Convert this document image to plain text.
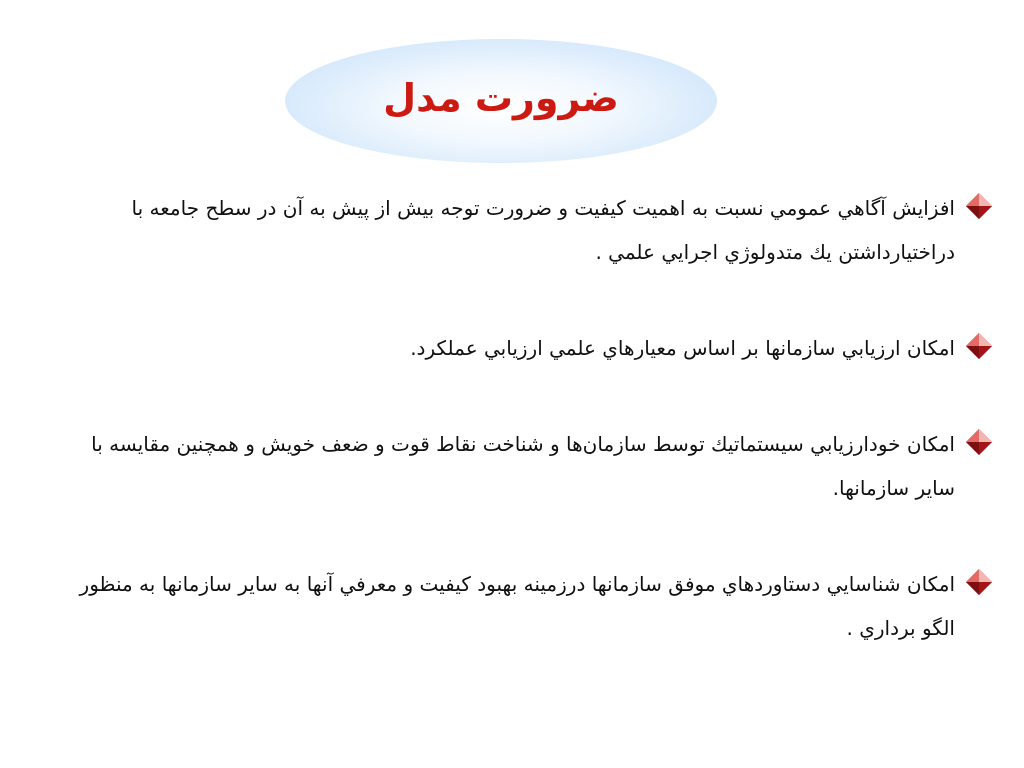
ضرورت مدل
افزايش آگاهي عمومي نسبت به اهميت كيفيت و ضرورت توجه بيش از پيش به آن در سطح جامعه با دراختيارداشتن يك متدولوژي اجرايي علمي .
امكان ارزيابي سازمانها بر اساس معيارهاي علمي ارزيابي عملكرد.
امکان خودارزيابي سيستماتيك توسط سازمان‌ها و شناخت نقاط قوت و ضعف خويش و همچنين مقايسه با ساير سازمانها.
امكان شناسايي دستاوردهاي موفق سازمانها درزمينه بهبود كيفيت و معرفي آنها به ساير سازمانها به منظور الگو برداري .
